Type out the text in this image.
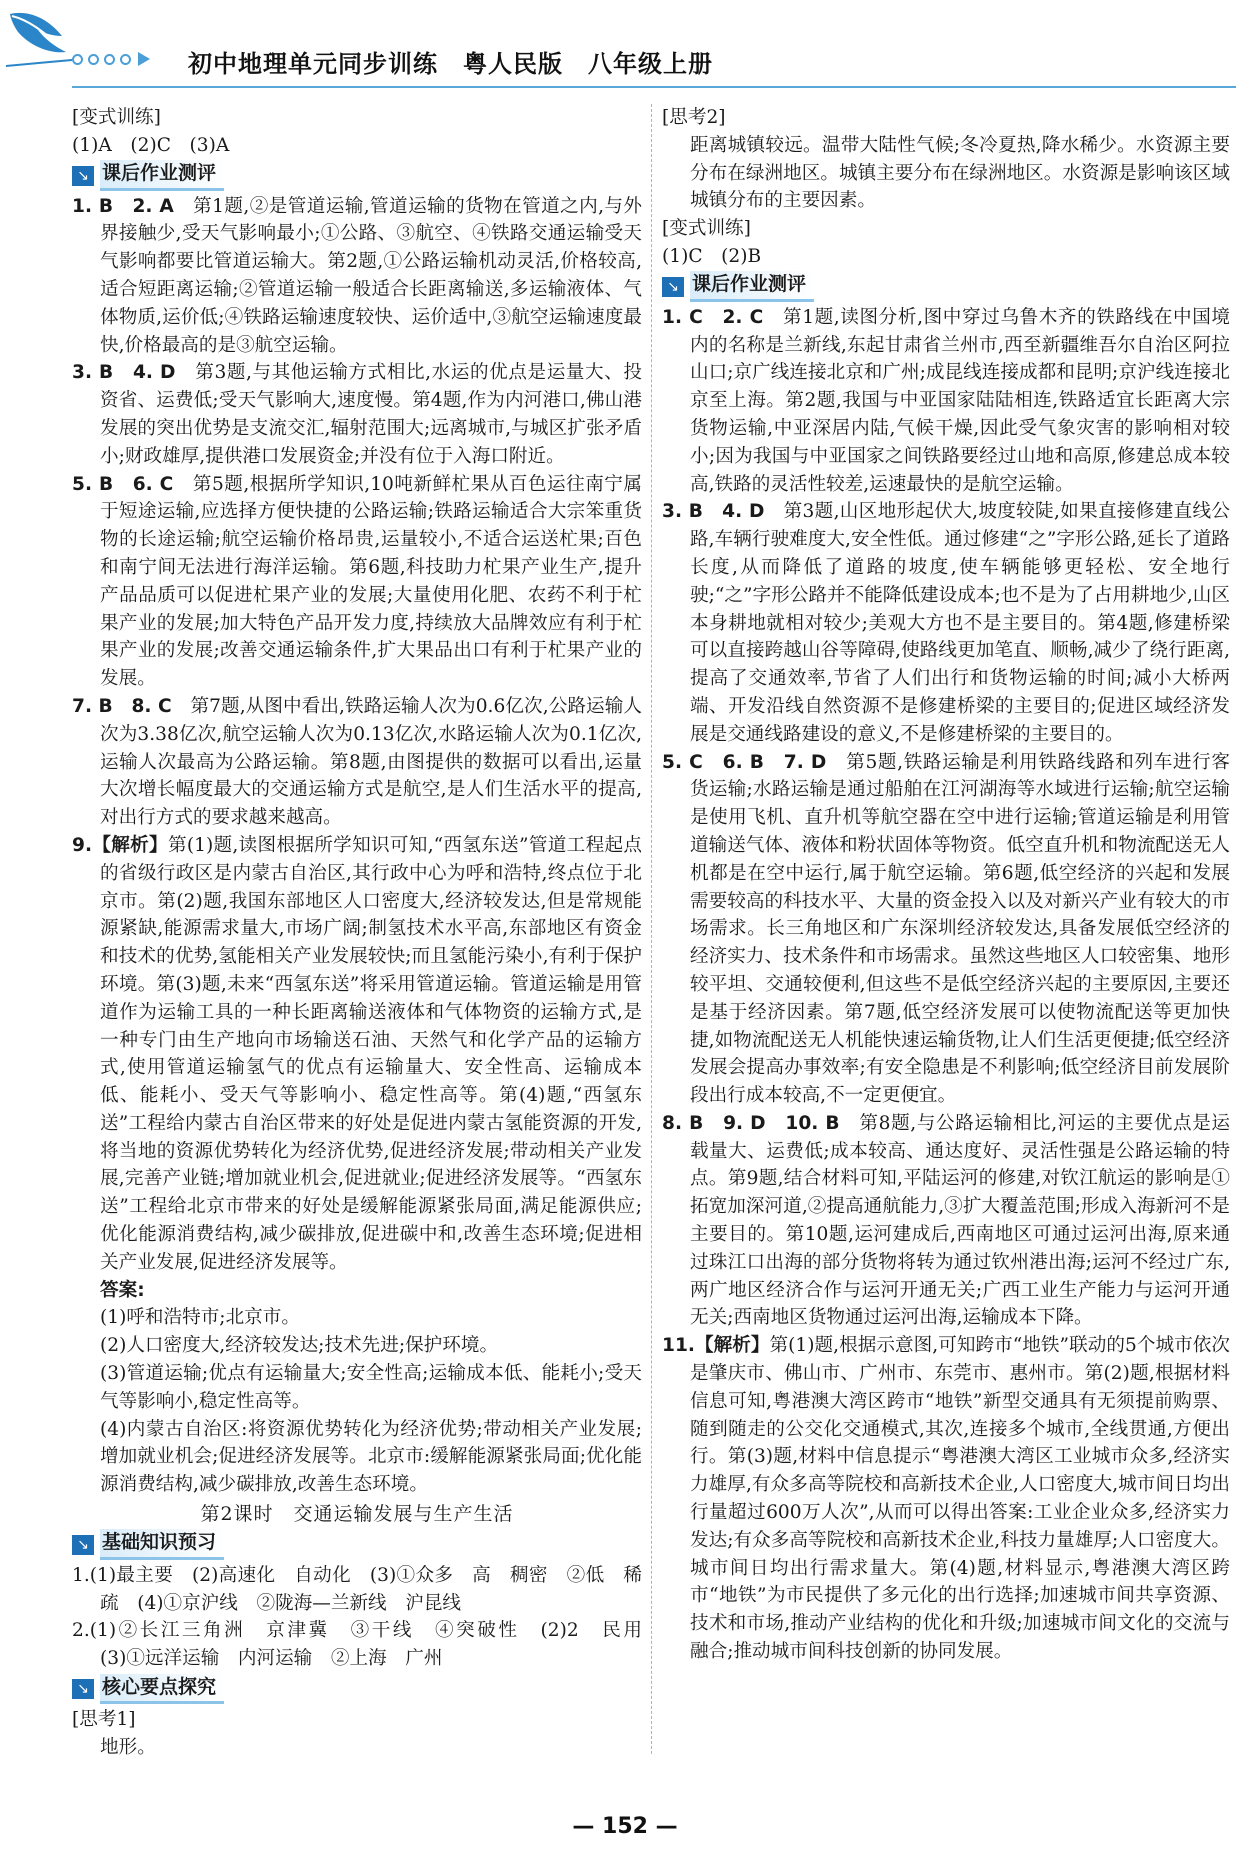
初中地理单元同步训练　粤人民版　八年级上册

[变式训练]

(1)A　(2)C　(3)A

↘ 课后作业测评

1. B　2. A　第1题,②是管道运输,管道运输的货物在管道之内,与外界接触少,受天气影响最小;①公路、③航空、④铁路交通运输受天气影响都要比管道运输大。第2题,①公路运输机动灵活,价格较高,适合短距离运输;②管道运输一般适合长距离输送,多运输液体、气体物质,运价低;④铁路运输速度较快、运价适中,③航空运输速度最快,价格最高的是③航空运输。

3. B　4. D　第3题,与其他运输方式相比,水运的优点是运量大、投资省、运费低;受天气影响大,速度慢。第4题,作为内河港口,佛山港发展的突出优势是支流交汇,辐射范围大;远离城市,与城区扩张矛盾小;财政雄厚,提供港口发展资金;并没有位于入海口附近。

5. B　6. C　第5题,根据所学知识,10吨新鲜杧果从百色运往南宁属于短途运输,应选择方便快捷的公路运输;铁路运输适合大宗笨重货物的长途运输;航空运输价格昂贵,运量较小,不适合运送杧果;百色和南宁间无法进行海洋运输。第6题,科技助力杧果产业生产,提升产品品质可以促进杧果产业的发展;大量使用化肥、农药不利于杧果产业的发展;加大特色产品开发力度,持续放大品牌效应有利于杧果产业的发展;改善交通运输条件,扩大果品出口有利于杧果产业的发展。

7. B　8. C　第7题,从图中看出,铁路运输人次为0.6亿次,公路运输人次为3.38亿次,航空运输人次为0.13亿次,水路运输人次为0.1亿次,运输人次最高为公路运输。第8题,由图提供的数据可以看出,运量大次增长幅度最大的交通运输方式是航空,是人们生活水平的提高,对出行方式的要求越来越高。

9.【解析】第(1)题,读图根据所学知识可知,“西氢东送”管道工程起点的省级行政区是内蒙古自治区,其行政中心为呼和浩特,终点位于北京市。第(2)题,我国东部地区人口密度大,经济较发达,但是常规能源紧缺,能源需求量大,市场广阔;制氢技术水平高,东部地区有资金和技术的优势,氢能相关产业发展较快;而且氢能污染小,有利于保护环境。第(3)题,未来“西氢东送”将采用管道运输。管道运输是用管道作为运输工具的一种长距离输送液体和气体物资的运输方式,是一种专门由生产地向市场输送石油、天然气和化学产品的运输方式,使用管道运输氢气的优点有运输量大、安全性高、运输成本低、能耗小、受天气等影响小、稳定性高等。第(4)题,“西氢东送”工程给内蒙古自治区带来的好处是促进内蒙古氢能资源的开发,将当地的资源优势转化为经济优势,促进经济发展;带动相关产业发展,完善产业链;增加就业机会,促进就业;促进经济发展等。“西氢东送”工程给北京市带来的好处是缓解能源紧张局面,满足能源供应;优化能源消费结构,减少碳排放,促进碳中和,改善生态环境;促进相关产业发展,促进经济发展等。

答案:

(1)呼和浩特市;北京市。

(2)人口密度大,经济较发达;技术先进;保护环境。

(3)管道运输;优点有运输量大;安全性高;运输成本低、能耗小;受天气等影响小,稳定性高等。

(4)内蒙古自治区:将资源优势转化为经济优势;带动相关产业发展;增加就业机会;促进经济发展等。北京市:缓解能源紧张局面;优化能源消费结构,减少碳排放,改善生态环境。

第2课时　交通运输发展与生产生活

↘ 基础知识预习

1.(1)最主要　(2)高速化　自动化　(3)①众多　高　稠密　②低　稀疏　(4)①京沪线　②陇海—兰新线　沪昆线

2.(1)②长江三角洲　京津冀　③干线　④突破性　(2)2　民用　(3)①远洋运输　内河运输　②上海　广州

↘ 核心要点探究

[思考1]

地形。

[思考2]

距离城镇较远。温带大陆性气候;冬冷夏热,降水稀少。水资源主要分布在绿洲地区。城镇主要分布在绿洲地区。水资源是影响该区域城镇分布的主要因素。

[变式训练]

(1)C　(2)B

↘ 课后作业测评

1. C　2. C　第1题,读图分析,图中穿过乌鲁木齐的铁路线在中国境内的名称是兰新线,东起甘肃省兰州市,西至新疆维吾尔自治区阿拉山口;京广线连接北京和广州;成昆线连接成都和昆明;京沪线连接北京至上海。第2题,我国与中亚国家陆陆相连,铁路适宜长距离大宗货物运输,中亚深居内陆,气候干燥,因此受气象灾害的影响相对较小;因为我国与中亚国家之间铁路要经过山地和高原,修建总成本较高,铁路的灵活性较差,运速最快的是航空运输。

3. B　4. D　第3题,山区地形起伏大,坡度较陡,如果直接修建直线公路,车辆行驶难度大,安全性低。通过修建“之”字形公路,延长了道路长度,从而降低了道路的坡度,使车辆能够更轻松、安全地行驶;“之”字形公路并不能降低建设成本;也不是为了占用耕地少,山区本身耕地就相对较少;美观大方也不是主要目的。第4题,修建桥梁可以直接跨越山谷等障碍,使路线更加笔直、顺畅,减少了绕行距离,提高了交通效率,节省了人们出行和货物运输的时间;减小大桥两端、开发沿线自然资源不是修建桥梁的主要目的;促进区域经济发展是交通线路建设的意义,不是修建桥梁的主要目的。

5. C　6. B　7. D　第5题,铁路运输是利用铁路线路和列车进行客货运输;水路运输是通过船舶在江河湖海等水域进行运输;航空运输是使用飞机、直升机等航空器在空中进行运输;管道运输是利用管道输送气体、液体和粉状固体等物资。低空直升机和物流配送无人机都是在空中运行,属于航空运输。第6题,低空经济的兴起和发展需要较高的科技水平、大量的资金投入以及对新兴产业有较大的市场需求。长三角地区和广东深圳经济较发达,具备发展低空经济的经济实力、技术条件和市场需求。虽然这些地区人口较密集、地形较平坦、交通较便利,但这些不是低空经济兴起的主要原因,主要还是基于经济因素。第7题,低空经济发展可以使物流配送等更加快捷,如物流配送无人机能快速运输货物,让人们生活更便捷;低空经济发展会提高办事效率;有安全隐患是不利影响;低空经济目前发展阶段出行成本较高,不一定更便宜。

8. B　9. D　10. B　第8题,与公路运输相比,河运的主要优点是运载量大、运费低;成本较高、通达度好、灵活性强是公路运输的特点。第9题,结合材料可知,平陆运河的修建,对钦江航运的影响是①拓宽加深河道,②提高通航能力,③扩大覆盖范围;形成入海新河不是主要目的。第10题,运河建成后,西南地区可通过运河出海,原来通过珠江口出海的部分货物将转为通过钦州港出海;运河不经过广东,两广地区经济合作与运河开通无关;广西工业生产能力与运河开通无关;西南地区货物通过运河出海,运输成本下降。

11.【解析】第(1)题,根据示意图,可知跨市“地铁”联动的5个城市依次是肇庆市、佛山市、广州市、东莞市、惠州市。第(2)题,根据材料信息可知,粤港澳大湾区跨市“地铁”新型交通具有无须提前购票、随到随走的公交化交通模式,其次,连接多个城市,全线贯通,方便出行。第(3)题,材料中信息提示“粤港澳大湾区工业城市众多,经济实力雄厚,有众多高等院校和高新技术企业,人口密度大,城市间日均出行量超过600万人次”,从而可以得出答案:工业企业众多,经济实力发达;有众多高等院校和高新技术企业,科技力量雄厚;人口密度大。城市间日均出行需求量大。第(4)题,材料显示,粤港澳大湾区跨市“地铁”为市民提供了多元化的出行选择;加速城市间共享资源、技术和市场,推动产业结构的优化和升级;加速城市间文化的交流与融合;推动城市间科技创新的协同发展。

— 152 —
